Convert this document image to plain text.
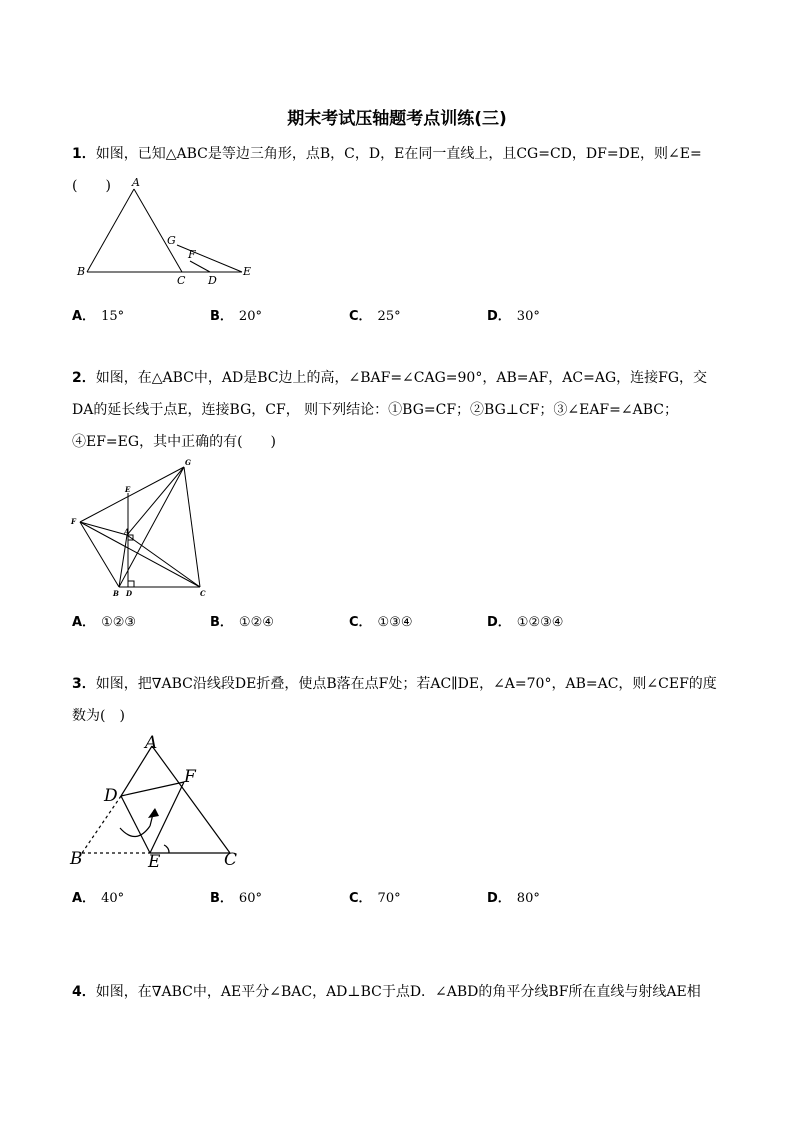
期末考试压轴题考点训练(三)
1．如图，已知△ABC是等边三角形，点B，C，D，E在同一直线上，且CG=CD，DF=DE，则∠E=(　　)	A
B
C D
E
F
G
A． 15°	B． 20°	C． 25°	D． 30°
2．如图，在△ABC中，AD是BC边上的高，∠BAF=∠CAG=90°，AB=AF，AC=AG，连接FG，交DA的延长线于点E，连接BG，CF， 则下列结论：①BG=CF；②BG⊥CF；③∠EAF=∠ABC；④EF=EG，其中正确的有(　　)
G
E
F
A
B D	C
A． ①②③	B． ①②④	C． ①③④	D． ①②③④
3．如图，把∇ABC沿线段DE折叠，使点B落在点F处；若AC∥DE，∠A=70°，AB=AC，则∠CEF的度数为(　)
A
D
F
B	E	C
A． 40°	B． 60°	C． 70°	D． 80°
4．如图，在∇ABC中，AE平分∠BAC，AD⊥BC于点D．∠ABD的角平分线BF所在直线与射线AE相
